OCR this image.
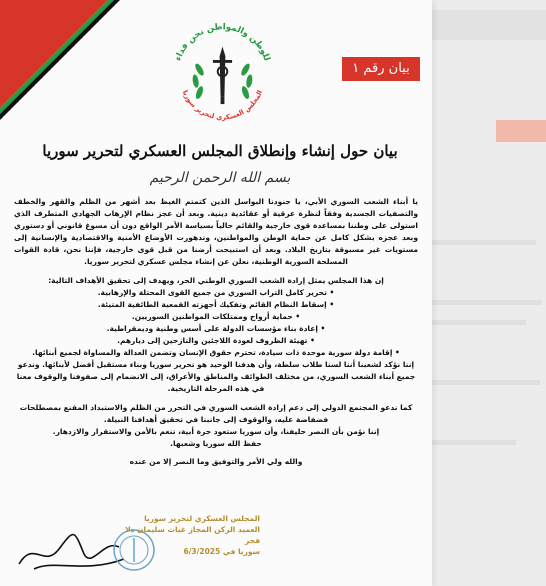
للوطن والمواطن نحن فداء
المجلس العسكري لتحرير سوريا
بيان رقم ١
بيان حول إنشاء وإنطلاق المجلس العسكري لتحرير سوريا
بسم الله الرحمن الرحيم

يا أبناء الشعب السوري الأبي، يا جنودنا البواسل الذين كتمتم الغيظ بعد أشهر من الظلم والقهر والخطف والتصفيات الجسدية وفقاً لنظرة عرقية أو عقائدية دينية. وبعد أن عجز نظام الإرهاب الجهادي المتطرف الذي استولى على وطننا بمساعدة قوى خارجية والقائم حالياً بسياسة الأمر الواقع دون أن مسوغ قانوني أو دستوري وبعد عجزه بشكل كامل عن حماية الوطن والمواطنين، وتدهورت الأوضاع الأمنية والاقتصادية والإنسانية إلى مستويات غير مسبوقة بتاريخ البلاد. وبعد أن استبيحت أرضنا من قبل قوى خارجية، فإننا نحن، قادة القوات المسلحة السورية الوطنية، نعلن عن إنشاء مجلس عسكري لتحرير سوريا.

إن هذا المجلس يمثل إرادة الشعب السوري الوطني الحر، ويهدف إلى تحقيق الأهداف التالية:

• تحرير كامل التراب السوري من جميع القوى المحتلة والإرهابية.
• إسقاط النظام القائم وتفكيك أجهزته القمعية الطائفية المتيئة.
• حماية أرواح وممتلكات المواطنين السوريين.
• إعادة بناء مؤسسات الدولة على أسس وطنية وديمقراطية.
• تهيئة الظروف لعودة اللاجئين والنازحين إلى ديارهم.
• إقامة دولة سورية موحدة ذات سيادة، تحترم حقوق الإنسان وتضمن العدالة والمساواة لجميع أبنائها.

إننا نؤكد لشعبنا أننا لسنا طلاب سلطة، وأن هدفنا الوحيد هو تحرير سوريا وبناء مستقبل أفضل لأبنائها. وندعو جميع أبناء الشعب السوري، من مختلف الطوائف والمناطق والأعراق، إلى الانضمام إلى صفوفنا والوقوف معنا في هذه المرحلة التاريخية.

كما ندعو المجتمع الدولي إلى دعم إرادة الشعب السوري في التحرر من الظلم والاستبداد المقنع بمصطلحات فضفاضة عليه، والوقوف إلى جانبنا في تحقيق أهدافنا النبيلة.

إننا نؤمن بأن النصر حليفنا، وأن سوريا ستعود حرة أبية، تنعم بالأمن والاستقرار والازدهار.

حفظ الله سوريا وشعبها.

والله ولي الأمر والتوفيق وما النصر إلا من عنده

المجلس العسكري لتحرير سوريا
العميد الركن المجاز غياث سليمان دلا
فجر
سوريا في 6/3/2025
